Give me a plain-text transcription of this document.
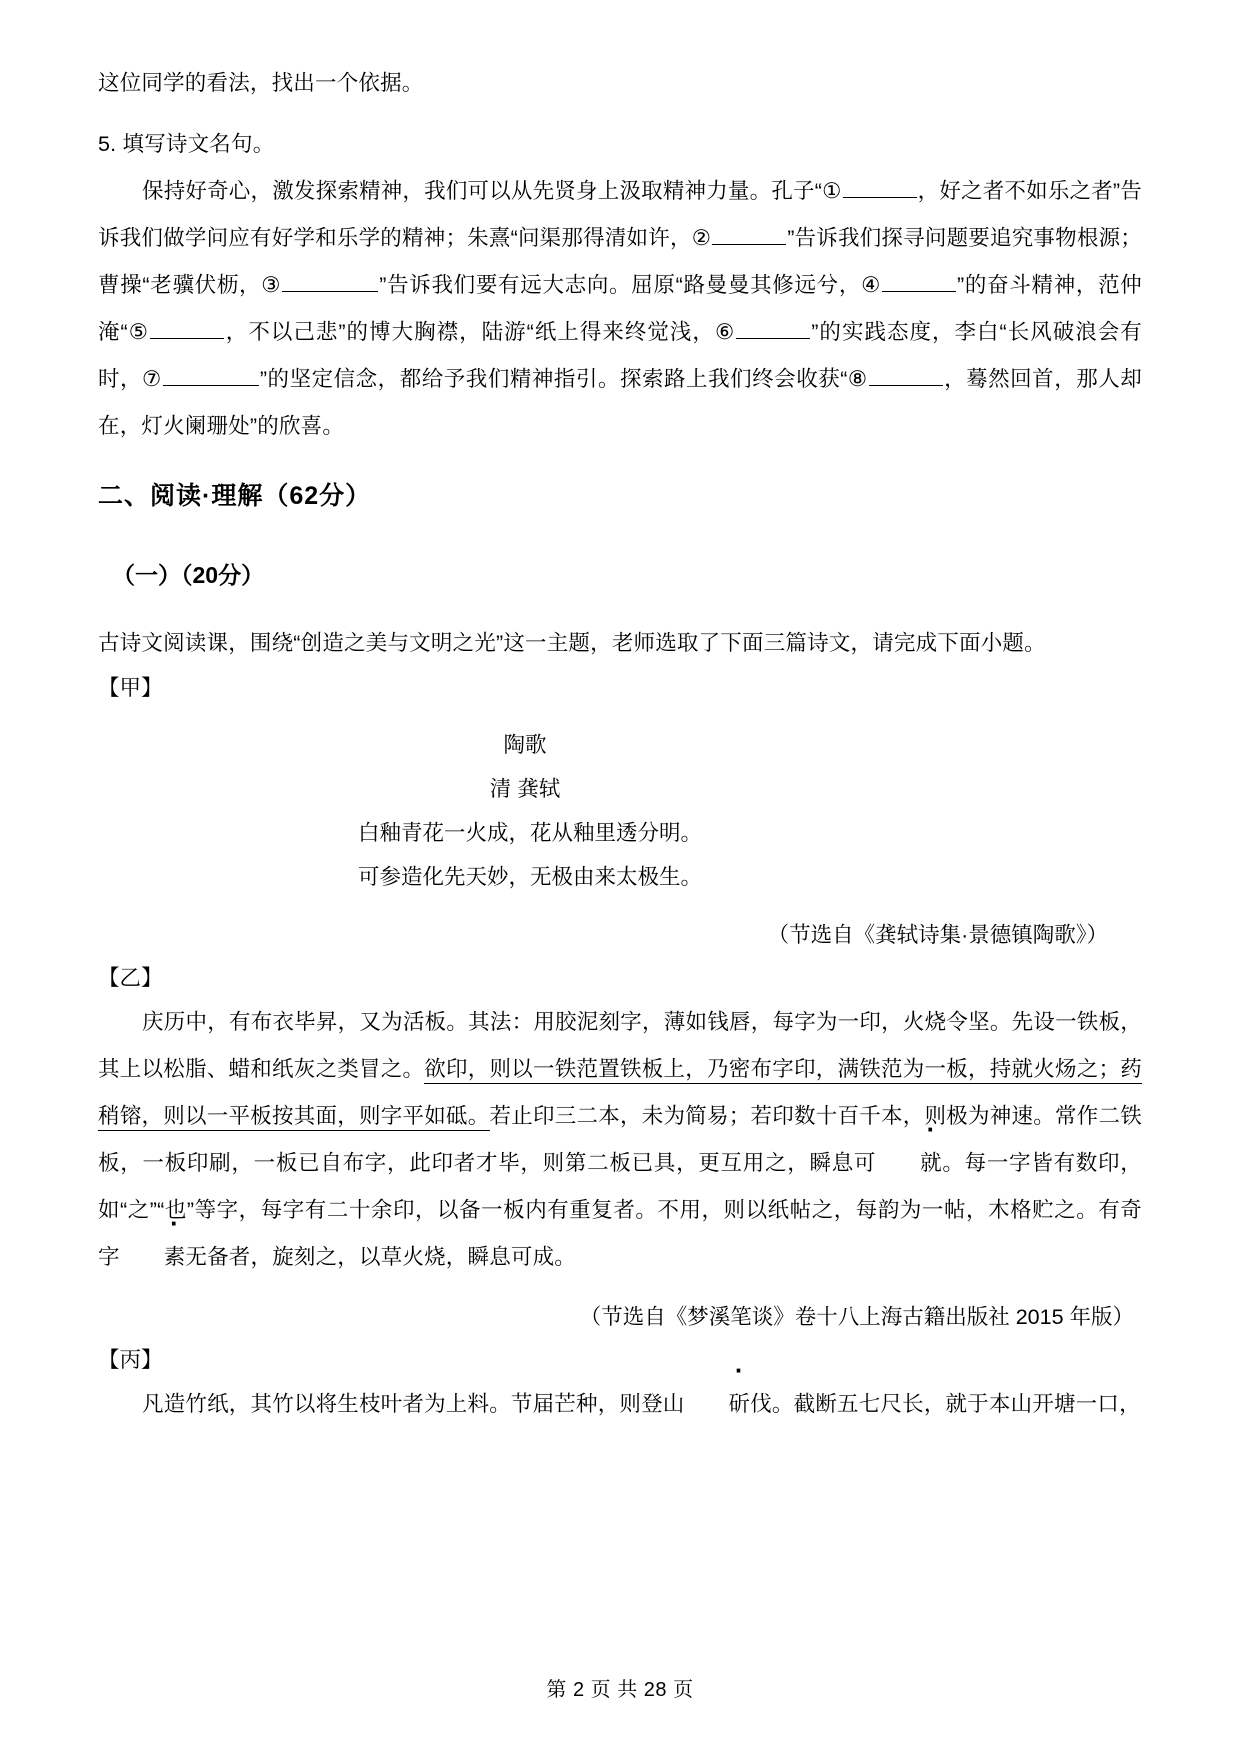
这位同学的看法，找出一个依据。

5. 填写诗文名句。

保持好奇心，激发探索精神，我们可以从先贤身上汲取精神力量。孔子“①	，好之者不如乐之者”告诉我们做学问应有好学和乐学的精神；朱熹“问渠那得清如许，②	”告诉我们探寻问题要追究事物根源；曹操“老骥伏枥，③	”告诉我们要有远大志向。屈原“路曼曼其修远兮，④	”的奋斗精神，范仲淹“⑤	，不以己悲”的博大胸襟，陆游“纸上得来终觉浅，⑥	”的实践态度，李白“长风破浪会有时，⑦	”的坚定信念，都给予我们精神指引。探索路上我们终会收获“⑧	，蓦然回首，那人却在，灯火阑珊处”的欣喜。

二、阅读·理解（62分）

（一）（20分）

古诗文阅读课，围绕“创造之美与文明之光”这一主题，老师选取了下面三篇诗文，请完成下面小题。

【甲】

陶歌

清 龚轼

白釉青花一火成，花从釉里透分明。

可参造化先天妙，无极由来太极生。

（节选自《龚轼诗集·景德镇陶歌》）

【乙】

庆历中，有布衣毕昇，又为活板。其法：用胶泥刻字，薄如钱唇，每字为一印，火烧令坚。先设一铁板，其上以松脂、蜡和纸灰之类冒之。欲印，则以一铁范置铁板上，乃密布字印，满铁范为一板，持就火炀之；药稍镕，则以一平板按其面，则字平如砥。若止印三二本，未为简易；若印数十百千本，则极为神速。常作二铁板，一板印刷，一板已自布字，此印者才毕，则第二板已具，更互用之，瞬息可 就。每一字皆有数印，如“之”“也”等字，每字有二十余印，以备一板内有重复者。不用，则以纸帖之，每韵为一帖，木格贮之。有奇字 素无备者，旋刻之，以草火烧，瞬息可成。

（节选自《梦溪笔谈》卷十八上海古籍出版社 2015 年版）

【丙】

凡造竹纸，其竹以将生枝叶者为上料。节届芒种，则登山 斫伐。截断五七尺长，就于本山开塘一口，

第 2 页 共 28 页
